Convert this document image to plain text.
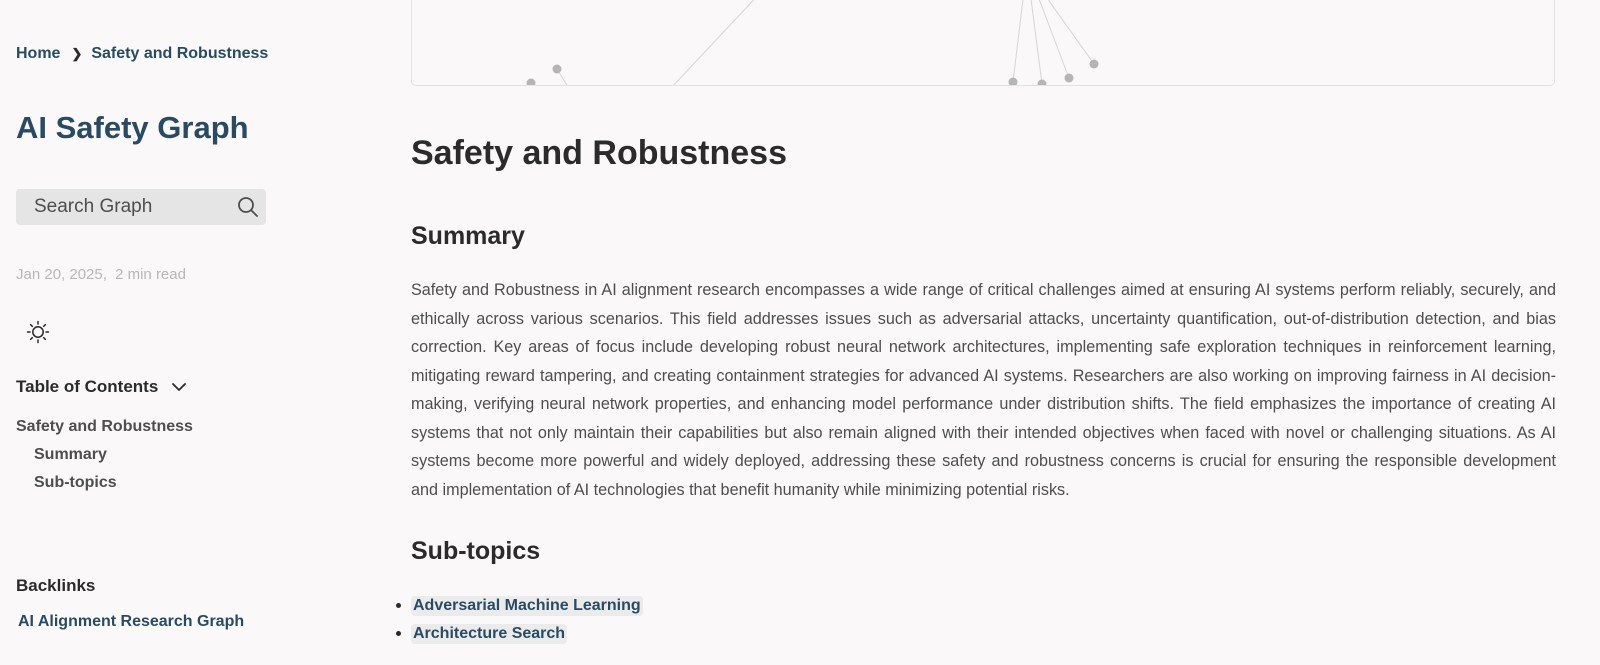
Home ❯ Safety and Robustness
AI Safety Graph
Search Graph
Jan 20, 2025, 2 min read
Table of Contents
Safety and Robustness
Summary
Sub-topics
Backlinks
AI Alignment Research Graph
Safety and Robustness
Summary

Safety and Robustness in AI alignment research encompasses a wide range of critical challenges aimed at ensuring AI systems perform reliably, securely, and ethically across various scenarios. This field addresses issues such as adversarial attacks, uncertainty quantification, out-of-distribution detection, and bias correction. Key areas of focus include developing robust neural network architectures, implementing safe exploration techniques in reinforcement learning, mitigating reward tampering, and creating containment strategies for advanced AI systems. Researchers are also working on improving fairness in AI decision-making, verifying neural network properties, and enhancing model performance under distribution shifts. The field emphasizes the importance of creating AI systems that not only maintain their capabilities but also remain aligned with their intended objectives when faced with novel or challenging situations. As AI systems become more powerful and widely deployed, addressing these safety and robustness concerns is crucial for ensuring the responsible development and implementation of AI technologies that benefit humanity while minimizing potential risks.

Sub-topics
Adversarial Machine Learning
Architecture Search
